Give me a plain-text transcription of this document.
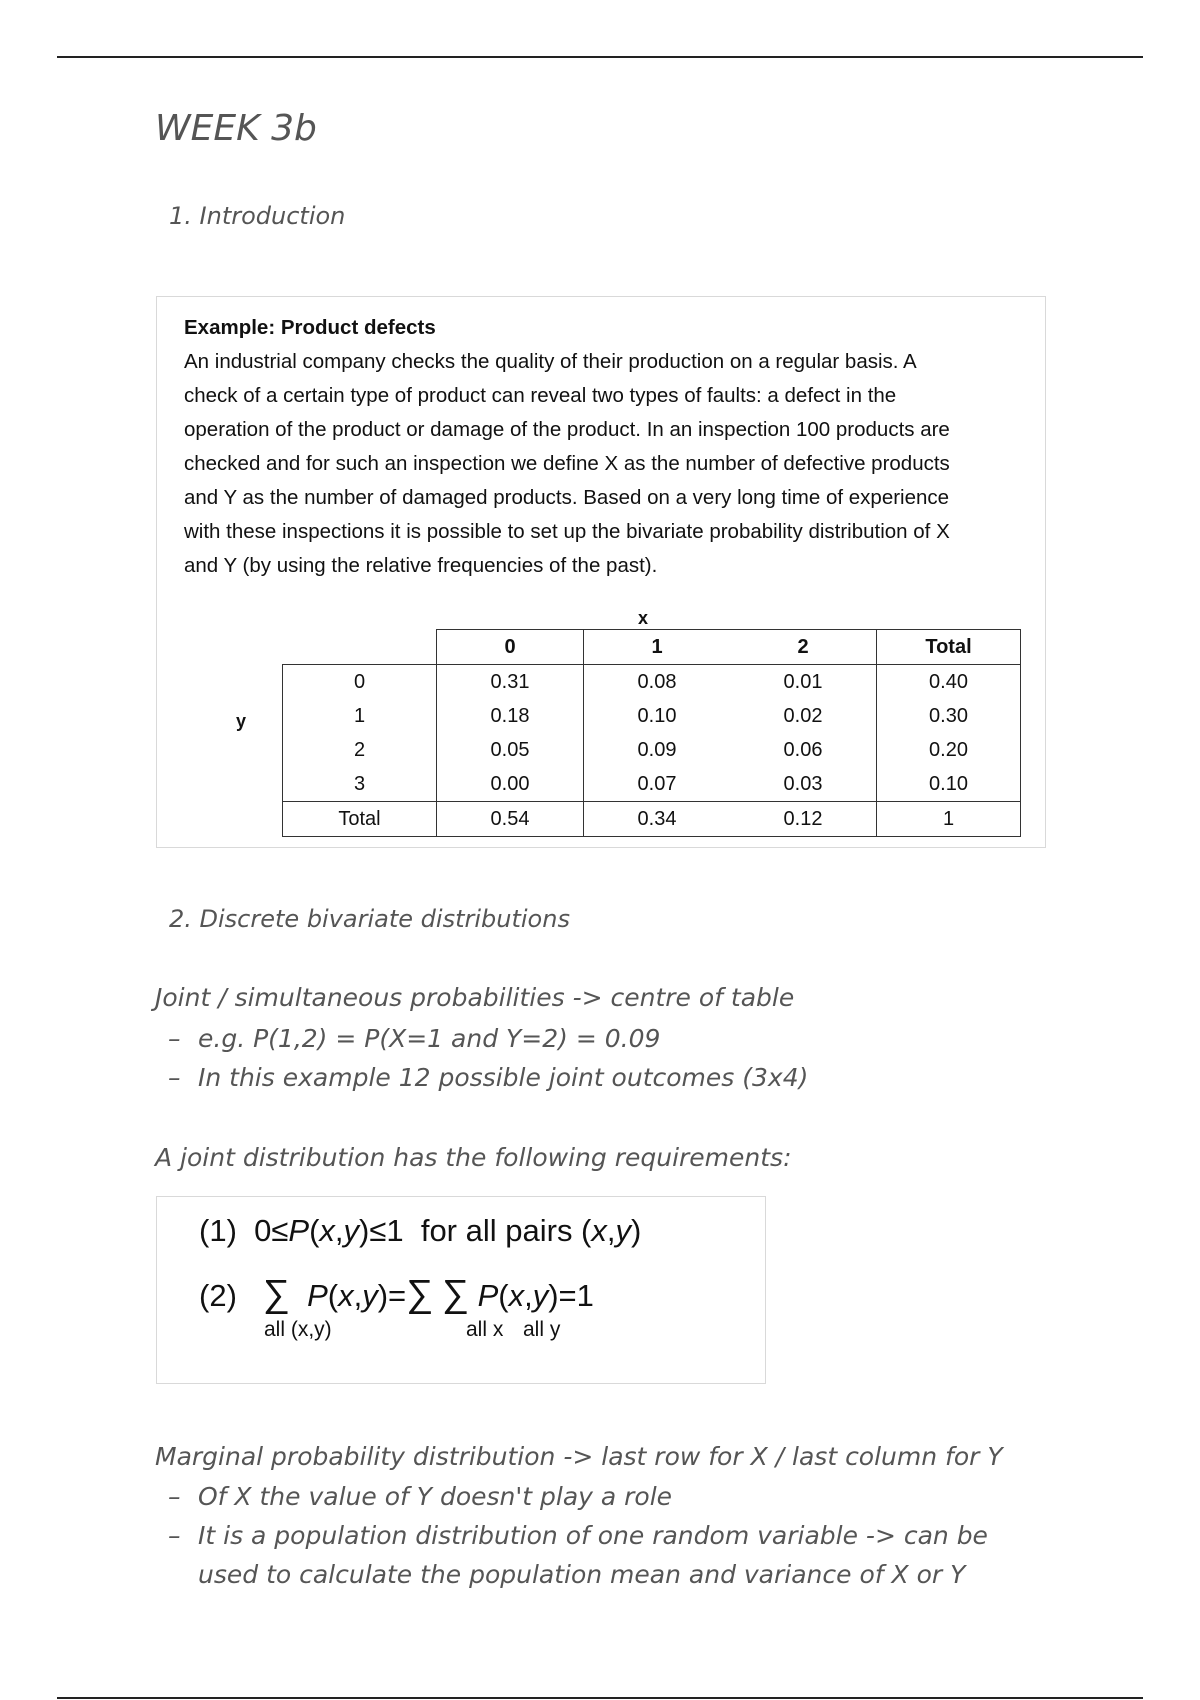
WEEK 3b
1. Introduction
Example: Product defects

An industrial company checks the quality of their production on a regular basis. A

check of a certain type of product can reveal two types of faults: a defect in the

operation of the product or damage of the product. In an inspection 100 products are

checked and for such an inspection we define X as the number of defective products

and Y as the number of damaged products. Based on a very long time of experience

with these inspections it is possible to set up the bivariate probability distribution of X

and Y (by using the relative frequencies of the past).

x
y
	0	1	2	Total
0	0.31	0.08	0.01	0.40
1	0.18	0.10	0.02	0.30
2	0.05	0.09	0.06	0.20
3	0.00	0.07	0.03	0.10
Total	0.54	0.34	0.12	1
2. Discrete bivariate distributions

Joint / simultaneous probabilities -> centre of table

– e.g. P(1,2) = P(X=1 and Y=2) = 0.09
– In this example 12 possible joint outcomes (3x4)

A joint distribution has the following requirements:

(1)  0≤P(x,y)≤1  for all pairs (x,y)
(2) ∑ P(x,y)=∑ ∑ P(x,y)=1
all (x,y)	all x all y

Marginal probability distribution -> last row for X / last column for Y

– Of X the value of Y doesn't play a role
– It is a population distribution of one random variable -> can be used to calculate the population mean and variance of X or Y
